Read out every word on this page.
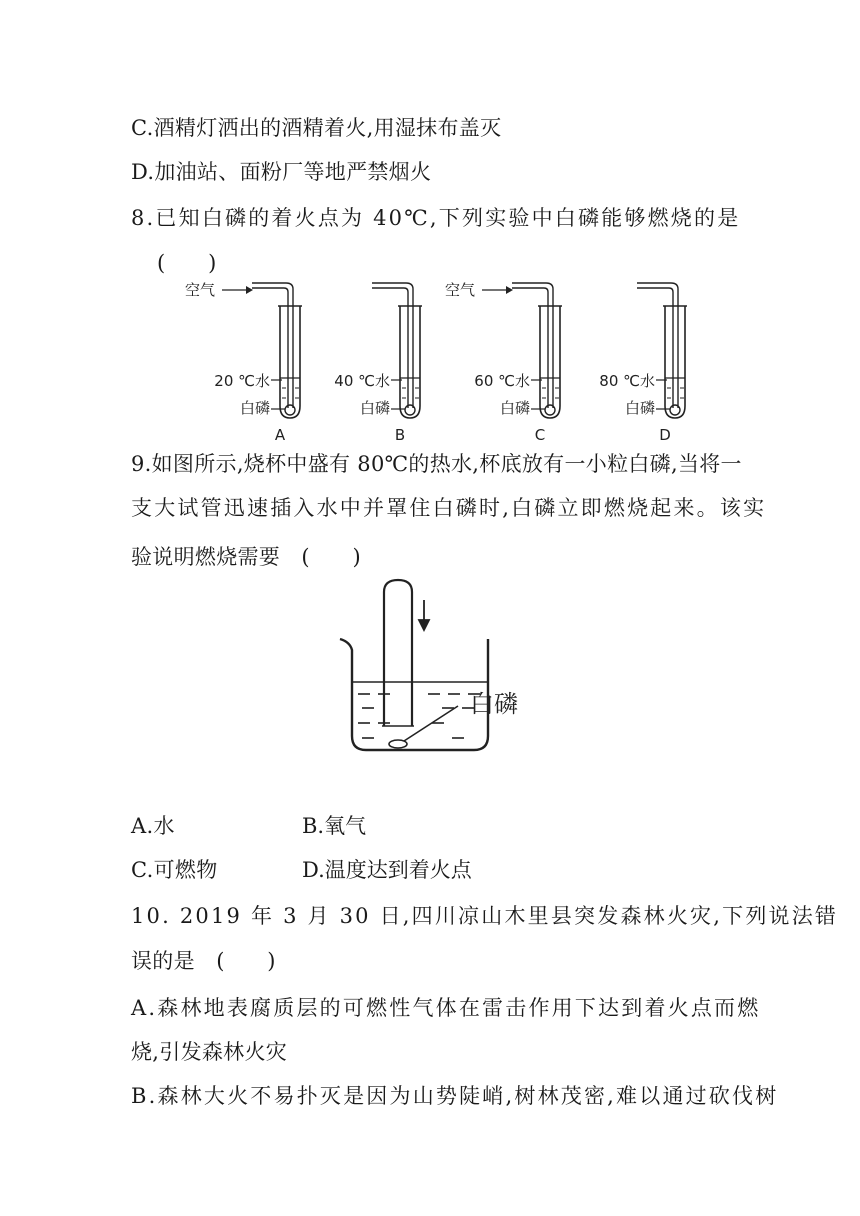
C.酒精灯洒出的酒精着火,用湿抹布盖灭
D.加油站、面粉厂等地严禁烟火
8.已知白磷的着火点为 40℃,下列实验中白磷能够燃烧的是
(　　)
20 ℃水
白磷
A
空气
40 ℃水
白磷
B
60 ℃水
白磷
C
空气
80 ℃水
白磷
D
9.如图所示,烧杯中盛有 80℃的热水,杯底放有一小粒白磷,当将一
支大试管迅速插入水中并罩住白磷时,白磷立即燃烧起来。该实
验说明燃烧需要　(　　)
白磷
A.水	B.氧气
C.可燃物	D.温度达到着火点
10. 2019 年 3 月 30 日,四川凉山木里县突发森林火灾,下列说法错
误的是　(　　)
A.森林地表腐质层的可燃性气体在雷击作用下达到着火点而燃
烧,引发森林火灾
B.森林大火不易扑灭是因为山势陡峭,树林茂密,难以通过砍伐树
